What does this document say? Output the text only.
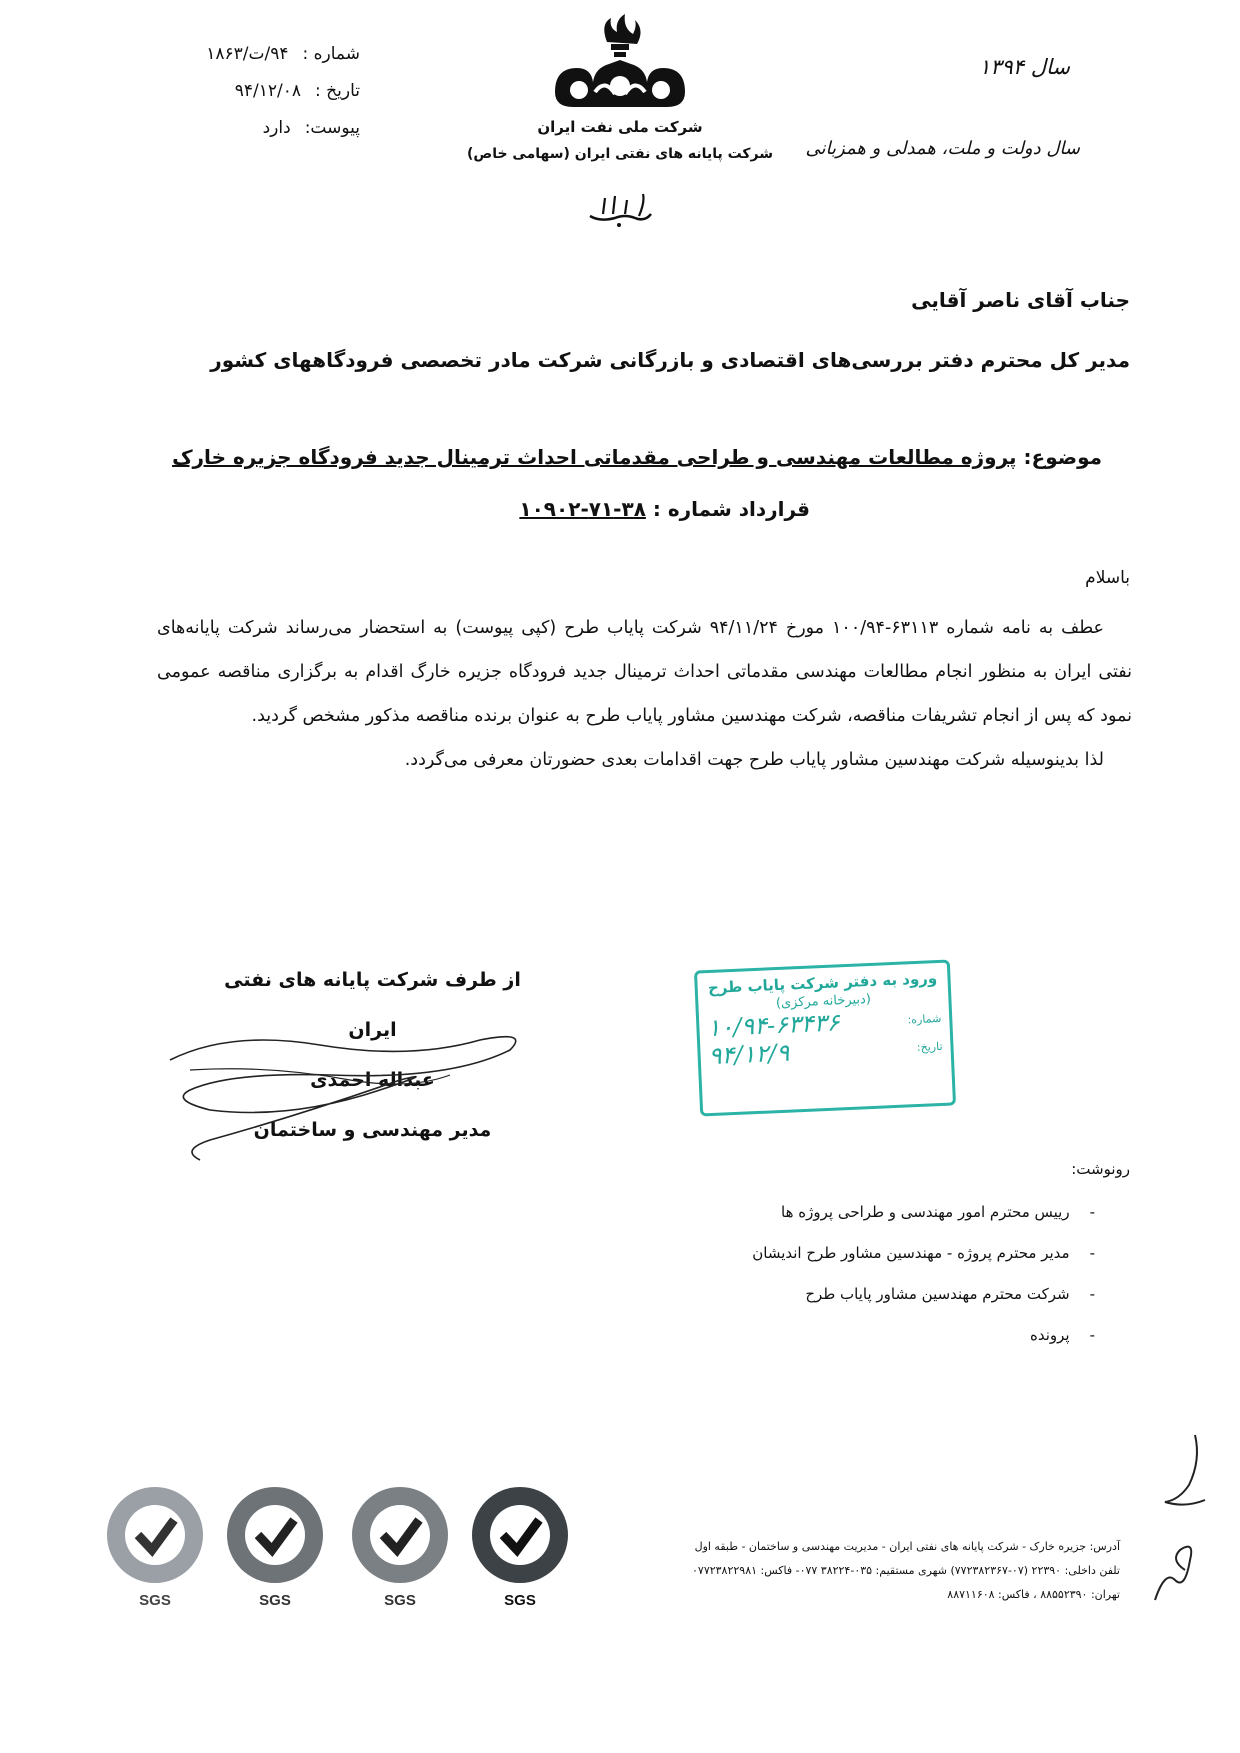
شماره :
۹۴/ت/۱۸۶۳
تاریخ :
۹۴/۱۲/۰۸
پیوست:
دارد	شرکت ملی نفت ایران
شرکت پایانه های نفتی ایران (سهامی خاص)
سال ۱۳۹۴
سال دولت و ملت، همدلی و همزبانی
جناب آقای ناصر آقایی
مدیر کل محترم دفتر بررسی‌های اقتصادی و بازرگانی شرکت مادر تخصصی فرودگاههای کشور
موضوع: پروژه مطالعات مهندسی و طراحی مقدماتی احداث ترمینال جدید فرودگاه جزیره خارک
قرارداد شماره : ۳۸-۷۱-۱۰۹۰۲
باسلام

عطف به نامه شماره ۶۳۱۱۳-۱۰۰/۹۴ مورخ ۹۴/۱۱/۲۴ شرکت پایاب طرح (کپی پیوست) به استحضار می‌رساند شرکت پایانه‌های نفتی ایران به منظور انجام مطالعات مهندسی مقدماتی احداث ترمینال جدید فرودگاه جزیره خارگ اقدام به برگزاری مناقصه عمومی نمود که پس از انجام تشریفات مناقصه، شرکت مهندسین مشاور پایاب طرح به عنوان برنده مناقصه مذکور مشخص گردید.

لذا بدینوسیله شرکت مهندسین مشاور پایاب طرح جهت اقدامات بعدی حضورتان معرفی می‌گردد.

از طرف شرکت پایانه های نفتی ایران
عبداله احمدی
مدیر مهندسی و ساختمان
ورود به دفتر شرکت پایاب طرح
(دبیرخانه مرکزی)
شماره:
۱۰/۹۴-۶۳۴۳۶
تاریخ:
۹۴/۱۲/۹
رونوشت:
-
رییس محترم امور مهندسی و طراحی پروژه ها
-
مدیر محترم پروژه - مهندسین مشاور طرح اندیشان
-
شرکت محترم مهندسین مشاور پایاب طرح
-
پرونده
SGS	SGS	SGS	SGS
آدرس: جزیره خارک - شرکت پایانه های نفتی ایران - مدیریت مهندسی و ساختمان - طبقه اول
تلفن داخلی: ۲۲۳۹۰ (۰۷-۷۷۲۳۸۲۳۶۷) شهری مستقیم: ۰۳۵-۳۸۲۲۴ ۰۷۷- فاکس: ۰۷۷۲۳۸۲۲۹۸۱
تهران: ۸۸۵۵۲۳۹۰ ، فاکس: ۸۸۷۱۱۶۰۸
